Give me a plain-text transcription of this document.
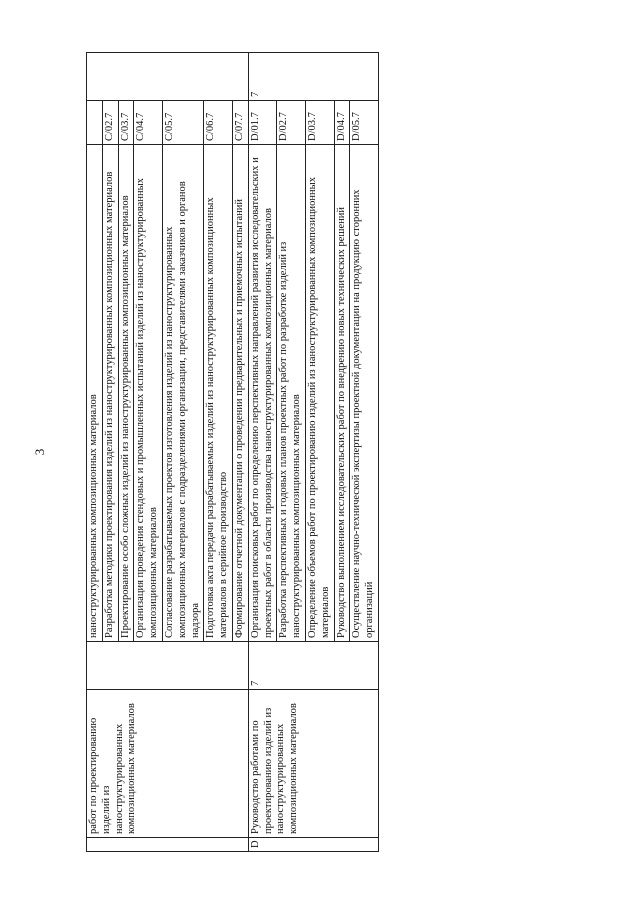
3
	работ по проектированию изделий из наноструктурированных композиционных материалов		наноструктурированных композиционных материалов		
			Разработка методики проектирования изделий из наноструктурированных композиционных материалов	C/02.7	
			Проектирование особо сложных изделий из наноструктурированных композиционных материалов	C/03.7	
			Организация проведения стендовых и промышленных испытаний изделий из наноструктурированных композиционных материалов	C/04.7	
			Согласование разрабатываемых проектов изготовления изделий из наноструктурированных композиционных материалов с подразделениями организации, представителями заказчиков и органов надзора	C/05.7	
			Подготовка акта передачи разрабатываемых изделий из наноструктурированных композиционных материалов в серийное производство	C/06.7	
			Формирование отчетной документации о проведении предварительных и приемочных испытаний	C/07.7	
D	Руководство работами по проектированию изделий из наноструктурированных композиционных материалов	7	Организация поисковых работ по определению перспективных направлений развития исследовательских и проектных работ в области производства наноструктурированных композиционных материалов	D/01.7	7
			Разработка перспективных и годовых планов проектных работ по разработке изделий из наноструктурированных композиционных материалов	D/02.7	
			Определение объемов работ по проектированию изделий из наноструктурированных композиционных материалов	D/03.7	
			Руководство выполнением исследовательских работ по внедрению новых технических решений	D/04.7	
			Осуществление научно-технической экспертизы проектной документации на продукцию сторонних организаций	D/05.7	
